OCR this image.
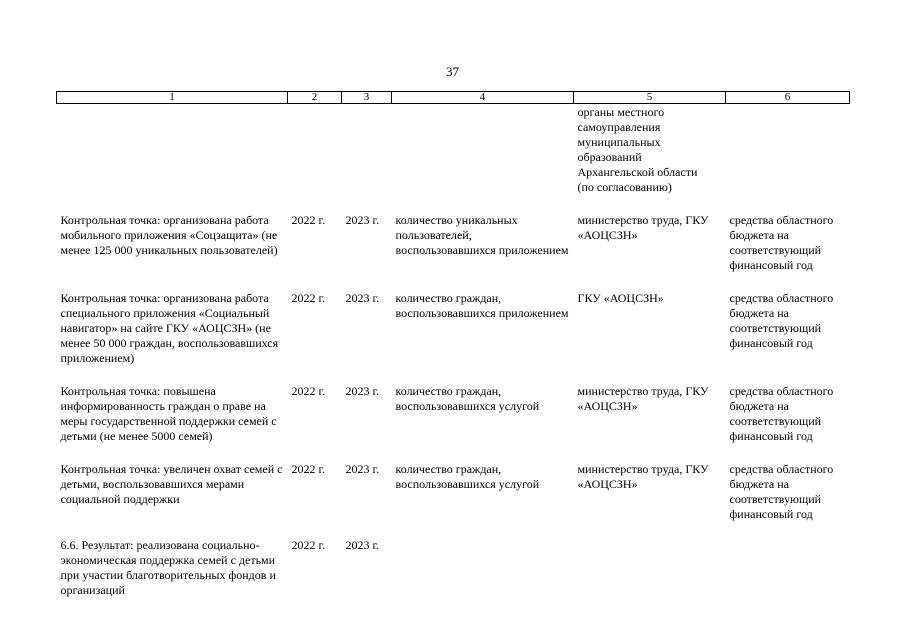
37
1	2	3	4	5	6
				органы местного самоуправления муниципальных образований Архангельской области (по согласованию)	
Контрольная точка: организована работа мобильного приложения «Соцзащита» (не менее 125 000 уникальных пользователей)	2022 г.	2023 г.	количество уникальных пользователей, воспользовавшихся приложением	министерство труда, ГКУ «АОЦСЗН»	средства областного бюджета на соответствующий финансовый год
Контрольная точка: организована работа специального приложения «Социальный навигатор» на сайте ГКУ «АОЦСЗН» (не менее 50 000 граждан, воспользовавшихся приложением)	2022 г.	2023 г.	количество граждан, воспользовавшихся приложением	ГКУ «АОЦСЗН»	средства областного бюджета на соответствующий финансовый год
Контрольная точка: повышена информированность граждан о праве на меры государственной поддержки семей с детьми (не менее 5000 семей)	2022 г.	2023 г.	количество граждан, воспользовавшихся услугой	министерство труда, ГКУ «АОЦСЗН»	средства областного бюджета на соответствующий финансовый год
Контрольная точка: увеличен охват семей с детьми, воспользовавшихся мерами социальной поддержки	2022 г.	2023 г.	количество граждан, воспользовавшихся услугой	министерство труда, ГКУ «АОЦСЗН»	средства областного бюджета на соответствующий финансовый год
6.6. Результат: реализована социально-экономическая поддержка семей с детьми при участии благотворительных фондов и организаций	2022 г.	2023 г.			
